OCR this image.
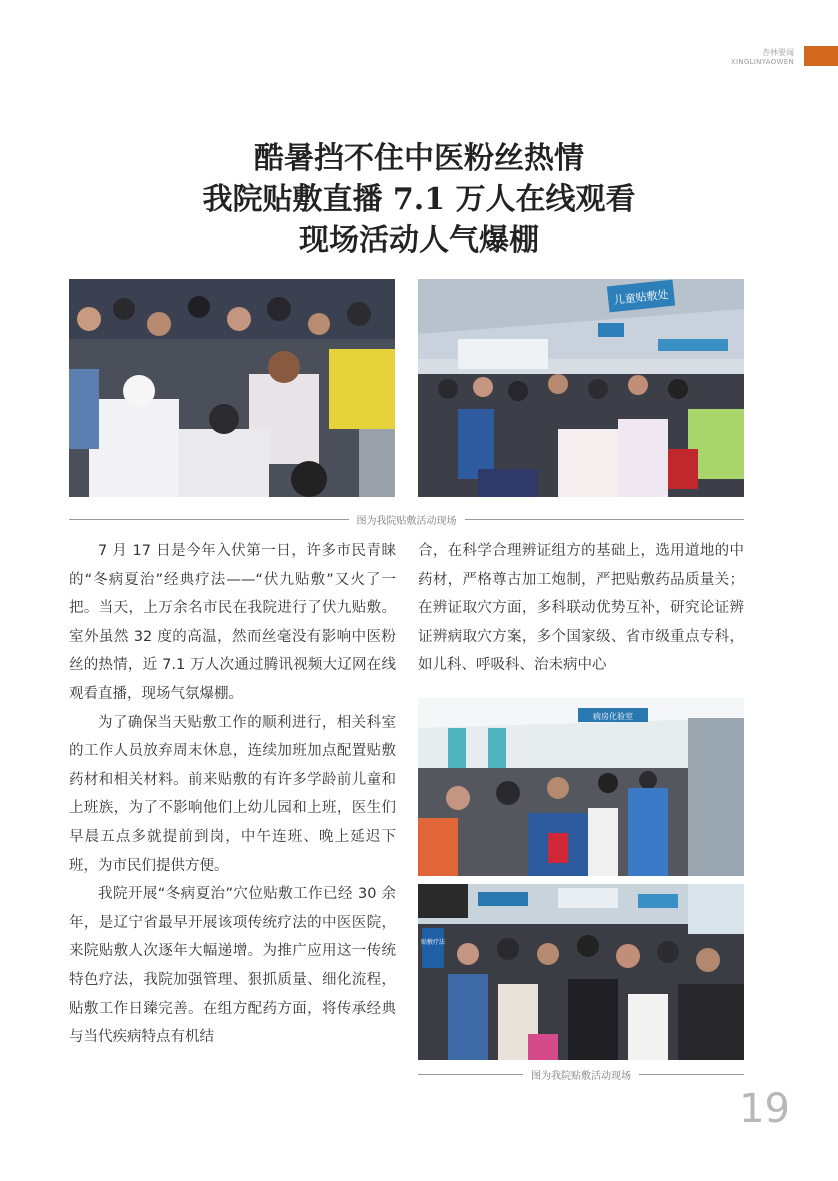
杏林要闻
XINGLINYAOWEN
酷暑挡不住中医粉丝热情
我院贴敷直播 7.1 万人在线观看
现场活动人气爆棚
儿童贴敷处
图为我院贴敷活动现场

7 月 17 日是今年入伏第一日，许多市民青睐的“冬病夏治”经典疗法——“伏九贴敷”又火了一把。当天，上万余名市民在我院进行了伏九贴敷。室外虽然 32 度的高温，然而丝毫没有影响中医粉丝的热情，近 7.1 万人次通过腾讯视频大辽网在线观看直播，现场气氛爆棚。

为了确保当天贴敷工作的顺利进行，相关科室的工作人员放弃周末休息，连续加班加点配置贴敷药材和相关材料。前来贴敷的有许多学龄前儿童和上班族，为了不影响他们上幼儿园和上班，医生们早晨五点多就提前到岗，中午连班、晚上延迟下班，为市民们提供方便。

我院开展“冬病夏治”穴位贴敷工作已经 30 余年，是辽宁省最早开展该项传统疗法的中医医院，来院贴敷人次逐年大幅递增。为推广应用这一传统特色疗法，我院加强管理、狠抓质量、细化流程，贴敷工作日臻完善。在组方配药方面，将传承经典与当代疾病特点有机结

合，在科学合理辨证组方的基础上，选用道地的中药材，严格尊古加工炮制，严把贴敷药品质量关；在辨证取穴方面，多科联动优势互补，研究论证辨证辨病取穴方案，多个国家级、省市级重点专科，如儿科、呼吸科、治未病中心

病房化验室
贴敷疗法
图为我院贴敷活动现场
19
